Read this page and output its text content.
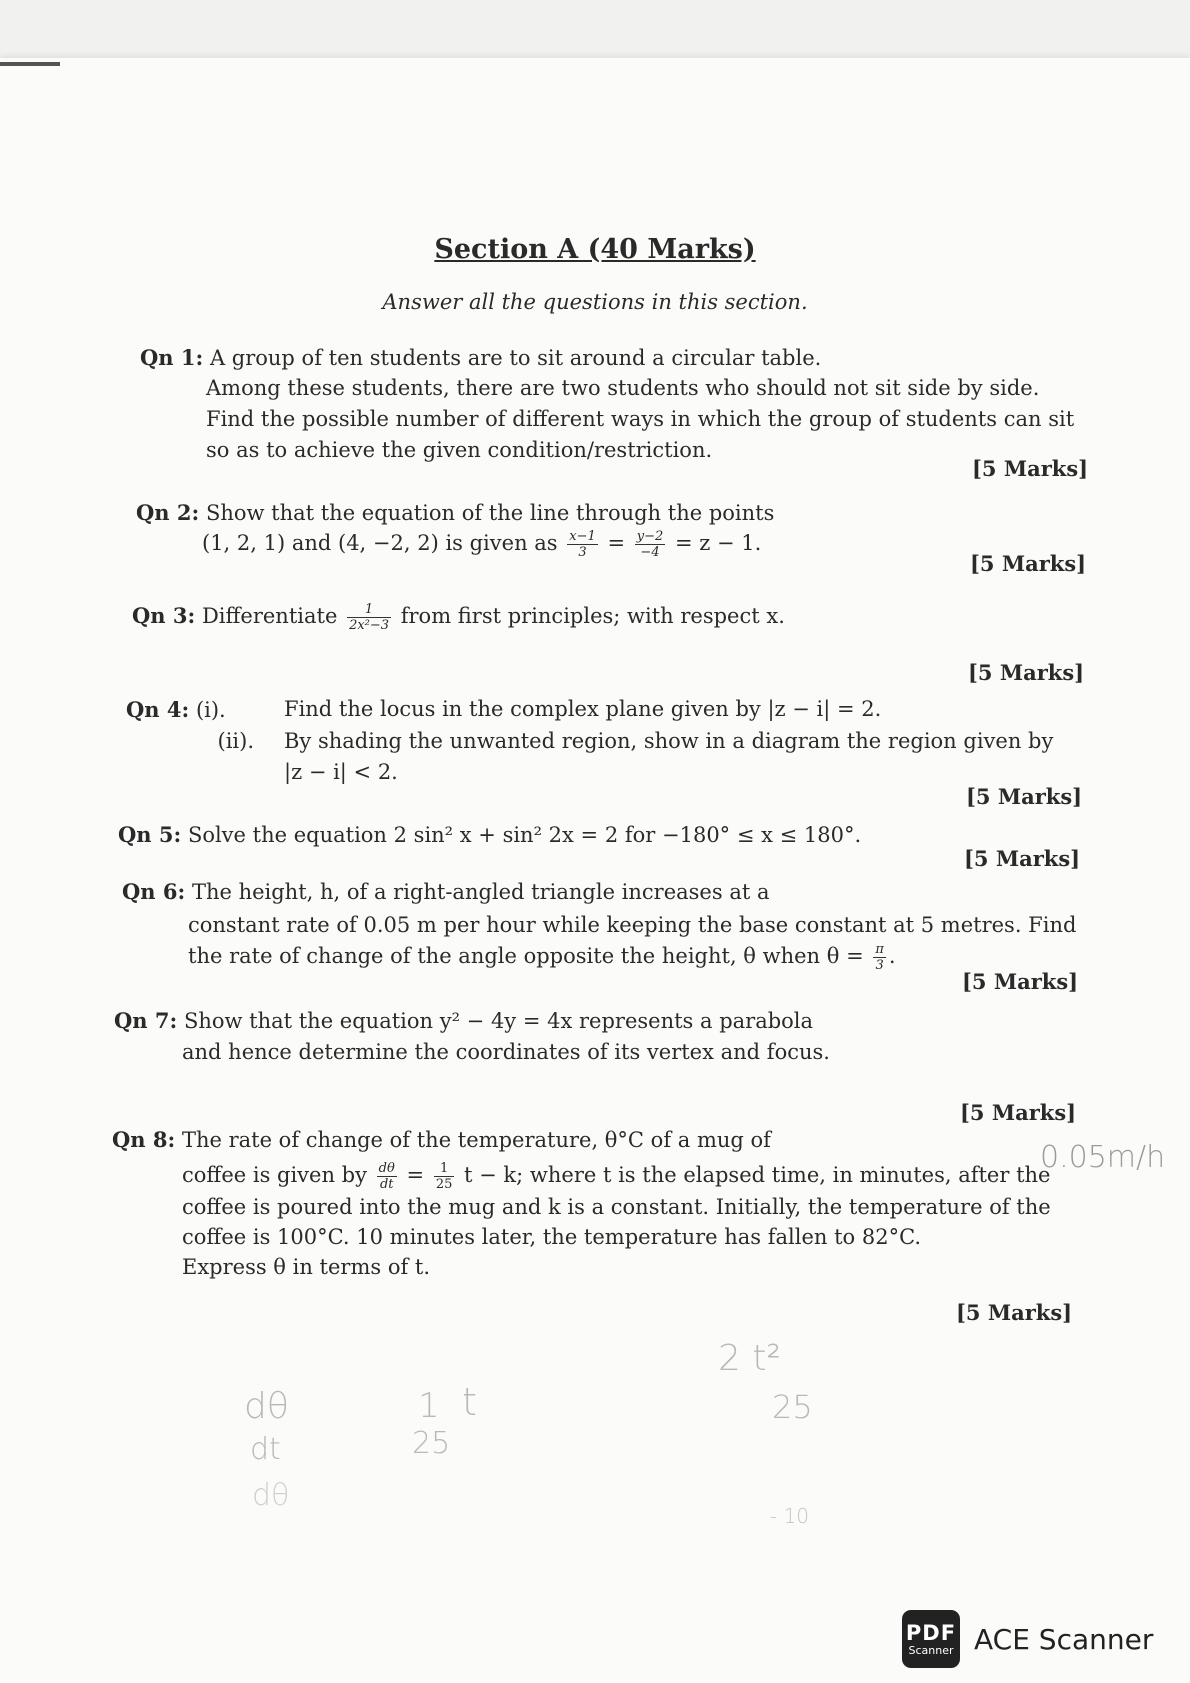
Section A (40 Marks)
Answer all the questions in this section.
Qn 1: A group of ten students are to sit around a circular table.
Among these students, there are two students who should not sit side by side.
Find the possible number of different ways in which the group of students can sit
so as to achieve the given condition/restriction.
[5 Marks]
Qn 2: Show that the equation of the line through the points
(1, 2, 1) and (4, −2, 2) is given as $\frac{x-1}{3} = \frac{y-2}{-4} = z - 1$.
[5 Marks]
Qn 3: Differentiate $\frac{1}{\text{2x²−3}}$ from first principles; with respect x.
[5 Marks]
Qn 4: (i).	Find the locus in the complex plane given by |z − i| = 2.
(ii). By shading the unwanted region, show in a diagram the region given by
|z − i| < 2.
[5 Marks]
Qn 5: Solve the equation 2 sin² x + sin² 2x = 2 for −180° ≤ x ≤ 180°.
[5 Marks]
Qn 6: The height, h, of a right-angled triangle increases at a
constant rate of 0.05 m per hour while keeping the base constant at 5 metres. Find
the rate of change of the angle opposite the height, θ when $\theta = \frac{\pi}{3}$ .
[5 Marks]
Qn 7: Show that the equation y² − 4y = 4x represents a parabola
and hence determine the coordinates of its vertex and focus.
[5 Marks]
Qn 8: The rate of change of the temperature, θ°C of a mug of
coffee is given by $\frac{d\theta}{dt} = \frac{1}{25}$ t − k; where t is the elapsed time, in minutes, after the
coffee is poured into the mug and k is a constant. Initially, the temperature of the
coffee is 100°C. 10 minutes later, the temperature has fallen to 82°C.
Express θ in terms of t.
[5 Marks]
0.05m/h
dθ
dt
1
25
t
2 t²
25
dθ
- 10
PDF
Scanner ACE Scanner
